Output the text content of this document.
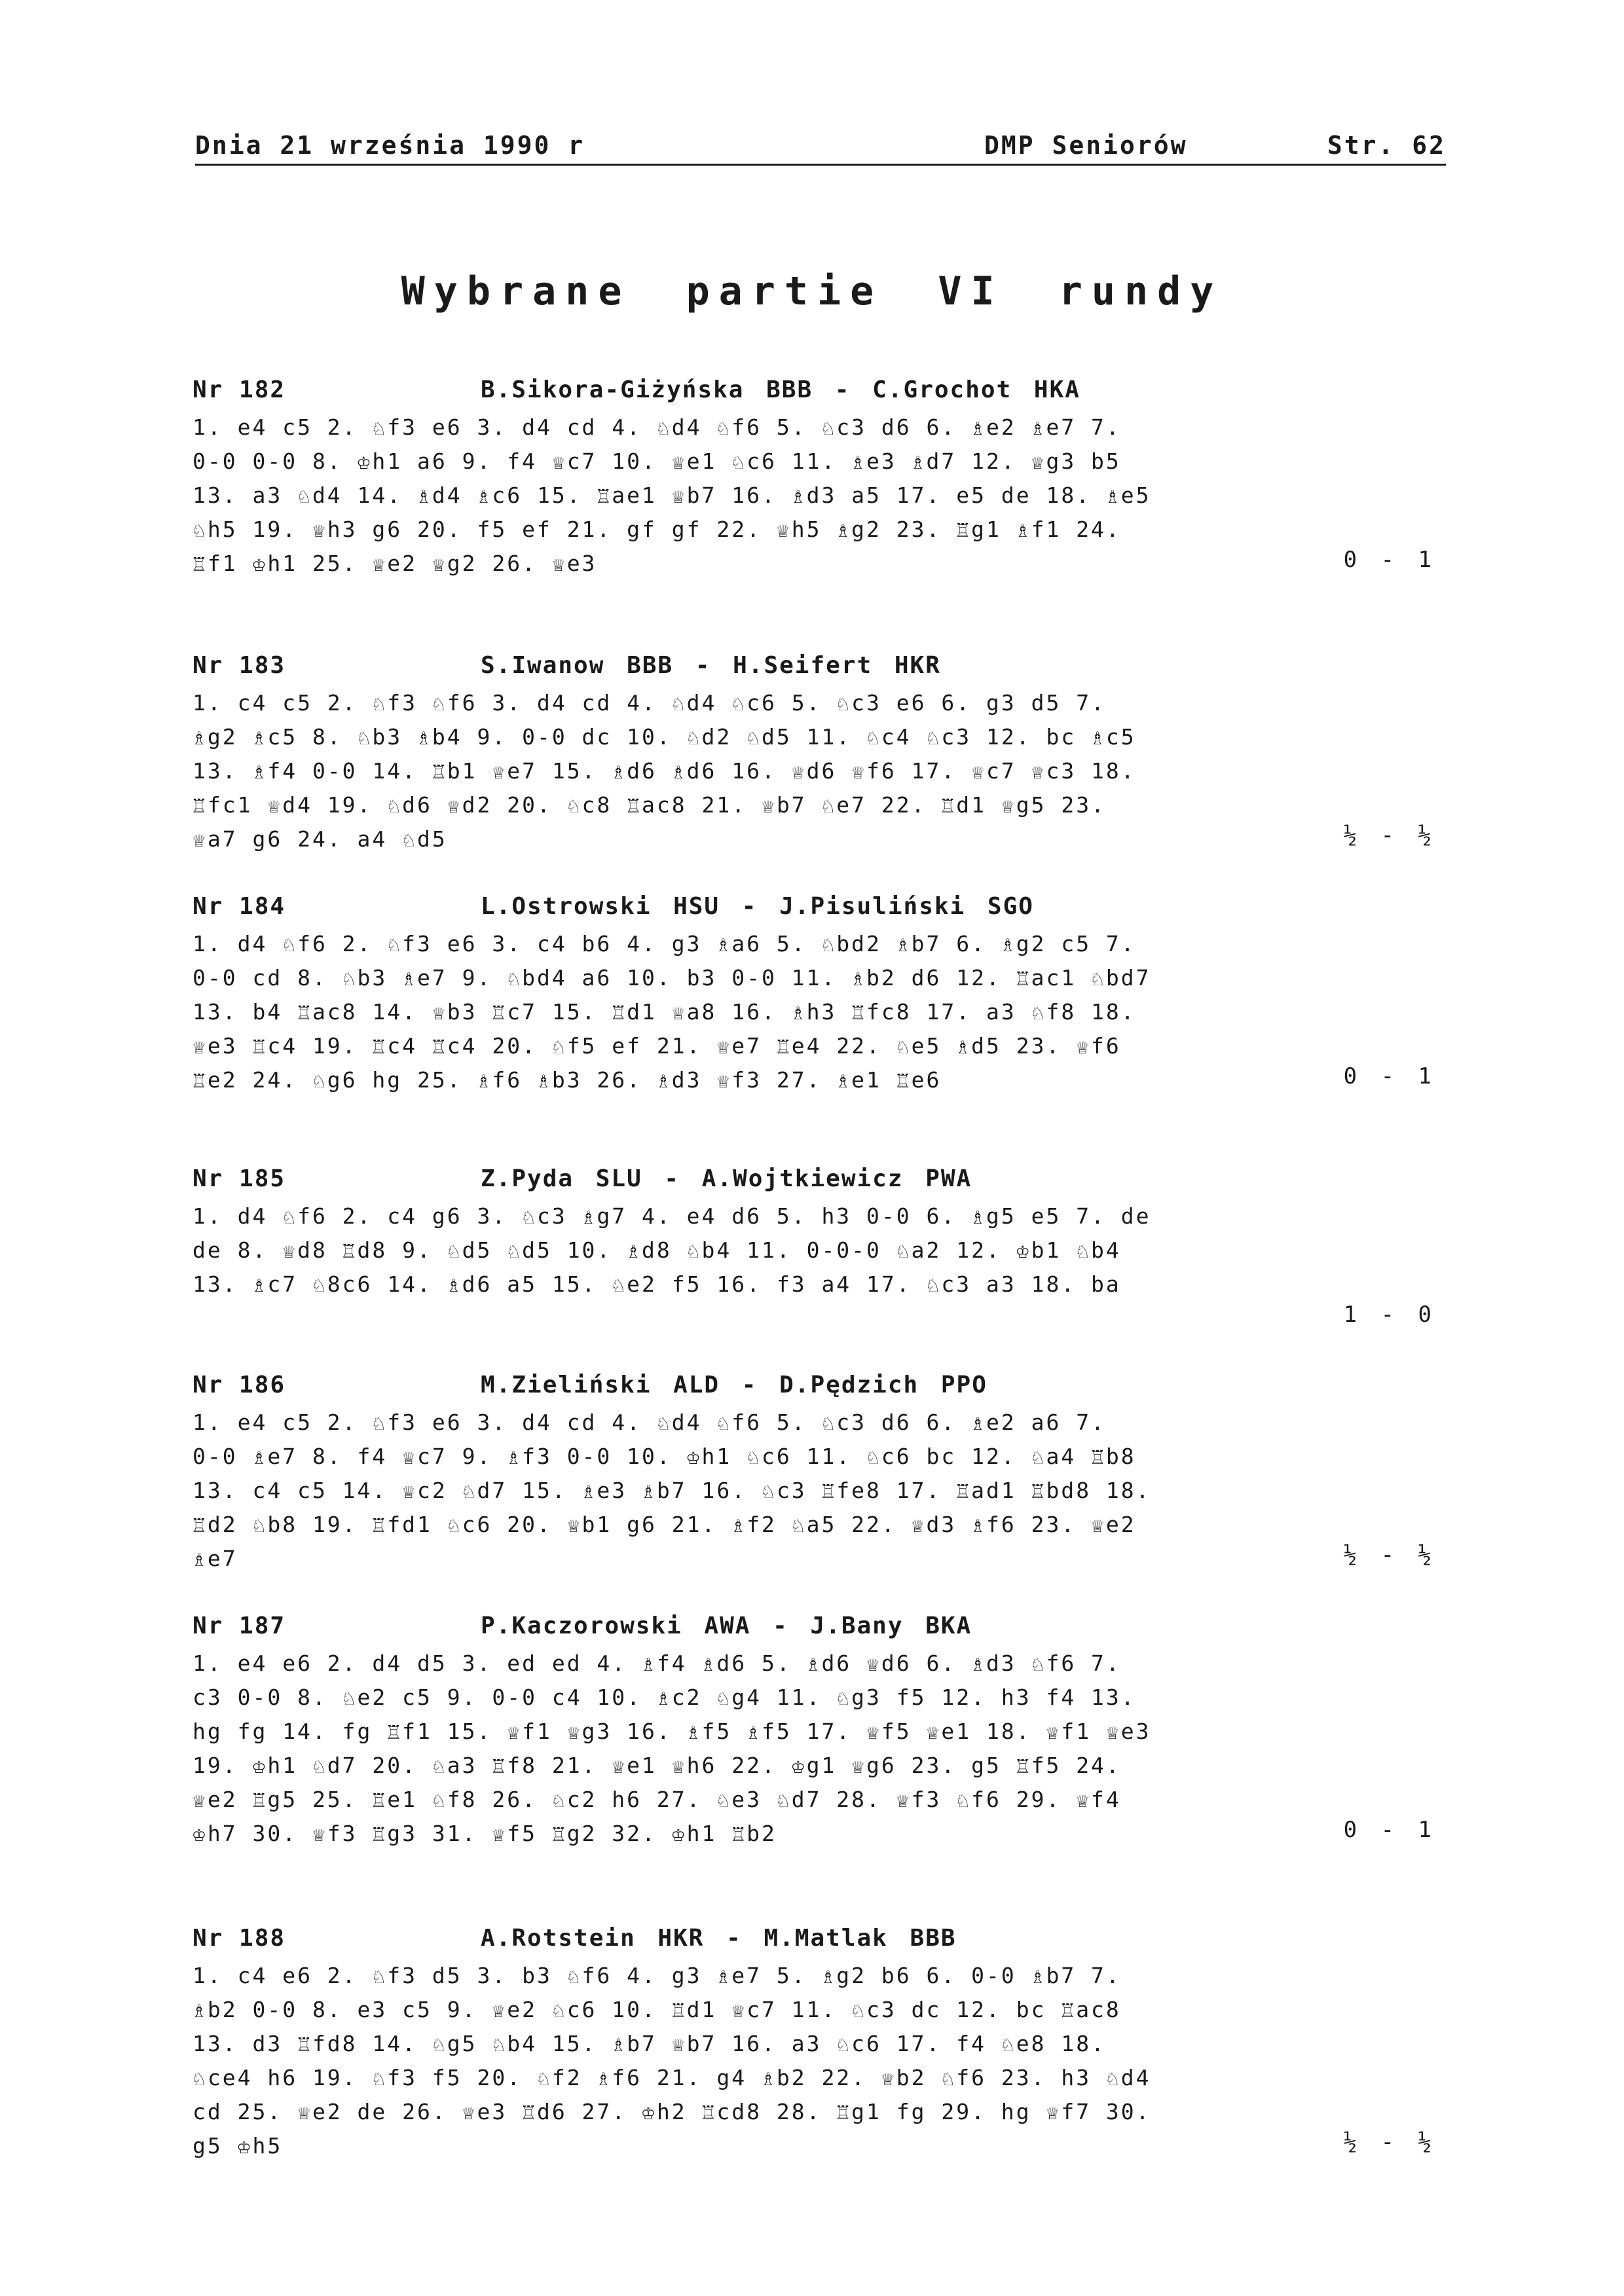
Dnia 21 września 1990 r	DMP Seniorów	Str. 62
Wybrane partie VI rundy
Nr 182	B.Sikora-Giżyńska BBB - C.Grochot HKA
1. e4 c5 2. ♘f3 e6 3. d4 cd 4. ♘d4 ♘f6 5. ♘c3 d6 6. ♗e2 ♗e7 7.
0-0 0-0 8. ♔h1 a6 9. f4 ♕c7 10. ♕e1 ♘c6 11. ♗e3 ♗d7 12. ♕g3 b5
13. a3 ♘d4 14. ♗d4 ♗c6 15. ♖ae1 ♕b7 16. ♗d3 a5 17. e5 de 18. ♗e5
♘h5 19. ♕h3 g6 20. f5 ef 21. gf gf 22. ♕h5 ♗g2 23. ♖g1 ♗f1 24.
♖f1 ♔h1 25. ♕e2 ♕g2 26. ♕e3	0 - 1
Nr 183	S.Iwanow BBB - H.Seifert HKR
1. c4 c5 2. ♘f3 ♘f6 3. d4 cd 4. ♘d4 ♘c6 5. ♘c3 e6 6. g3 d5 7.
♗g2 ♗c5 8. ♘b3 ♗b4 9. 0-0 dc 10. ♘d2 ♘d5 11. ♘c4 ♘c3 12. bc ♗c5
13. ♗f4 0-0 14. ♖b1 ♕e7 15. ♗d6 ♗d6 16. ♕d6 ♕f6 17. ♕c7 ♕c3 18.
♖fc1 ♕d4 19. ♘d6 ♕d2 20. ♘c8 ♖ac8 21. ♕b7 ♘e7 22. ♖d1 ♕g5 23.
♕a7 g6 24. a4 ♘d5	½ - ½
Nr 184	L.Ostrowski HSU - J.Pisuliński SGO
1. d4 ♘f6 2. ♘f3 e6 3. c4 b6 4. g3 ♗a6 5. ♘bd2 ♗b7 6. ♗g2 c5 7.
0-0 cd 8. ♘b3 ♗e7 9. ♘bd4 a6 10. b3 0-0 11. ♗b2 d6 12. ♖ac1 ♘bd7
13. b4 ♖ac8 14. ♕b3 ♖c7 15. ♖d1 ♕a8 16. ♗h3 ♖fc8 17. a3 ♘f8 18.
♕e3 ♖c4 19. ♖c4 ♖c4 20. ♘f5 ef 21. ♕e7 ♖e4 22. ♘e5 ♗d5 23. ♕f6
♖e2 24. ♘g6 hg 25. ♗f6 ♗b3 26. ♗d3 ♕f3 27. ♗e1 ♖e6	0 - 1
Nr 185	Z.Pyda SLU - A.Wojtkiewicz PWA
1. d4 ♘f6 2. c4 g6 3. ♘c3 ♗g7 4. e4 d6 5. h3 0-0 6. ♗g5 e5 7. de
de 8. ♕d8 ♖d8 9. ♘d5 ♘d5 10. ♗d8 ♘b4 11. 0-0-0 ♘a2 12. ♔b1 ♘b4
13. ♗c7 ♘8c6 14. ♗d6 a5 15. ♘e2 f5 16. f3 a4 17. ♘c3 a3 18. ba
1 - 0
Nr 186	M.Zieliński ALD - D.Pędzich PPO
1. e4 c5 2. ♘f3 e6 3. d4 cd 4. ♘d4 ♘f6 5. ♘c3 d6 6. ♗e2 a6 7.
0-0 ♗e7 8. f4 ♕c7 9. ♗f3 0-0 10. ♔h1 ♘c6 11. ♘c6 bc 12. ♘a4 ♖b8
13. c4 c5 14. ♕c2 ♘d7 15. ♗e3 ♗b7 16. ♘c3 ♖fe8 17. ♖ad1 ♖bd8 18.
♖d2 ♘b8 19. ♖fd1 ♘c6 20. ♕b1 g6 21. ♗f2 ♘a5 22. ♕d3 ♗f6 23. ♕e2
♗e7	½ - ½
Nr 187	P.Kaczorowski AWA - J.Bany BKA
1. e4 e6 2. d4 d5 3. ed ed 4. ♗f4 ♗d6 5. ♗d6 ♕d6 6. ♗d3 ♘f6 7.
c3 0-0 8. ♘e2 c5 9. 0-0 c4 10. ♗c2 ♘g4 11. ♘g3 f5 12. h3 f4 13.
hg fg 14. fg ♖f1 15. ♕f1 ♕g3 16. ♗f5 ♗f5 17. ♕f5 ♕e1 18. ♕f1 ♕e3
19. ♔h1 ♘d7 20. ♘a3 ♖f8 21. ♕e1 ♕h6 22. ♔g1 ♕g6 23. g5 ♖f5 24.
♕e2 ♖g5 25. ♖e1 ♘f8 26. ♘c2 h6 27. ♘e3 ♘d7 28. ♕f3 ♘f6 29. ♕f4
♔h7 30. ♕f3 ♖g3 31. ♕f5 ♖g2 32. ♔h1 ♖b2	0 - 1
Nr 188	A.Rotstein HKR - M.Matlak BBB
1. c4 e6 2. ♘f3 d5 3. b3 ♘f6 4. g3 ♗e7 5. ♗g2 b6 6. 0-0 ♗b7 7.
♗b2 0-0 8. e3 c5 9. ♕e2 ♘c6 10. ♖d1 ♕c7 11. ♘c3 dc 12. bc ♖ac8
13. d3 ♖fd8 14. ♘g5 ♘b4 15. ♗b7 ♕b7 16. a3 ♘c6 17. f4 ♘e8 18.
♘ce4 h6 19. ♘f3 f5 20. ♘f2 ♗f6 21. g4 ♗b2 22. ♕b2 ♘f6 23. h3 ♘d4
cd 25. ♕e2 de 26. ♕e3 ♖d6 27. ♔h2 ♖cd8 28. ♖g1 fg 29. hg ♕f7 30.
g5 ♔h5	½ - ½
